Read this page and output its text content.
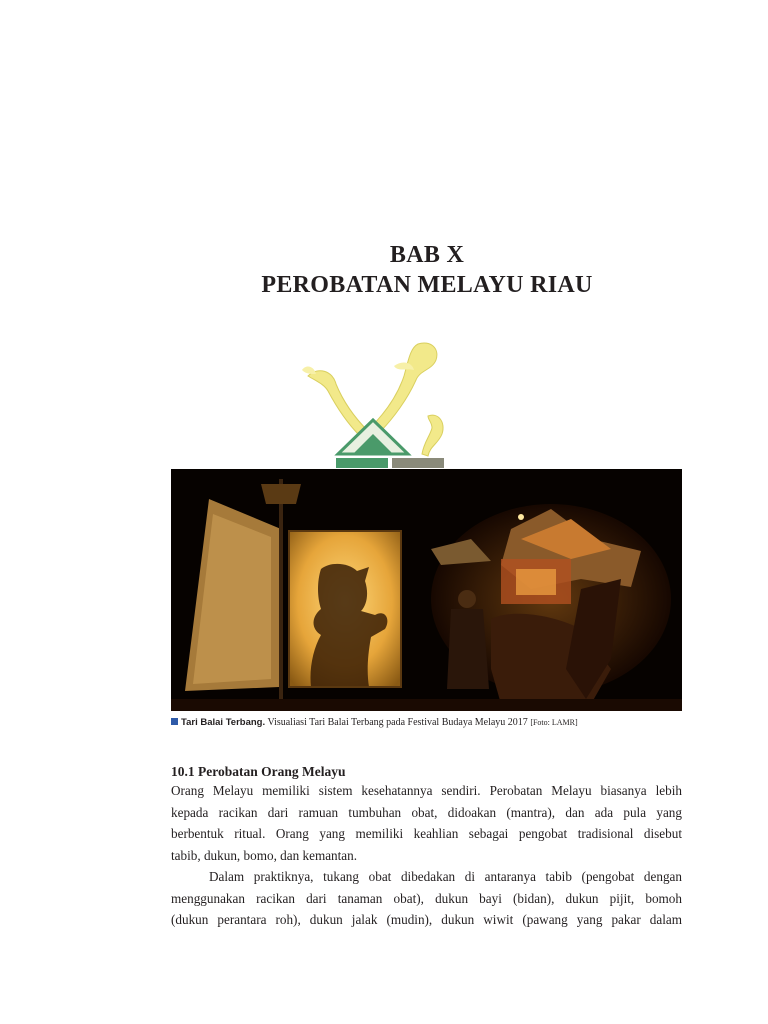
BAB X
PEROBATAN MELAYU RIAU
Tari Balai Terbang. Visualiasi Tari Balai Terbang pada Festival Budaya Melayu 2017 [Foto: LAMR]
10.1 Perobatan Orang Melayu

Orang Melayu memiliki sistem kesehatannya sendiri. Perobatan Melayu biasanya lebih
kepada racikan dari ramuan tumbuhan obat, didoakan (mantra), dan ada pula yang
berbentuk ritual. Orang yang memiliki keahlian sebagai pengobat tradisional disebut
tabib, dukun, bomo, dan kemantan.

Dalam praktiknya, tukang obat dibedakan di antaranya tabib (pengobat dengan
menggunakan racikan dari tanaman obat), dukun bayi (bidan), dukun pijit, bomoh
(dukun perantara roh), dukun jalak (mudin), dukun wiwit (pawang yang pakar dalam
